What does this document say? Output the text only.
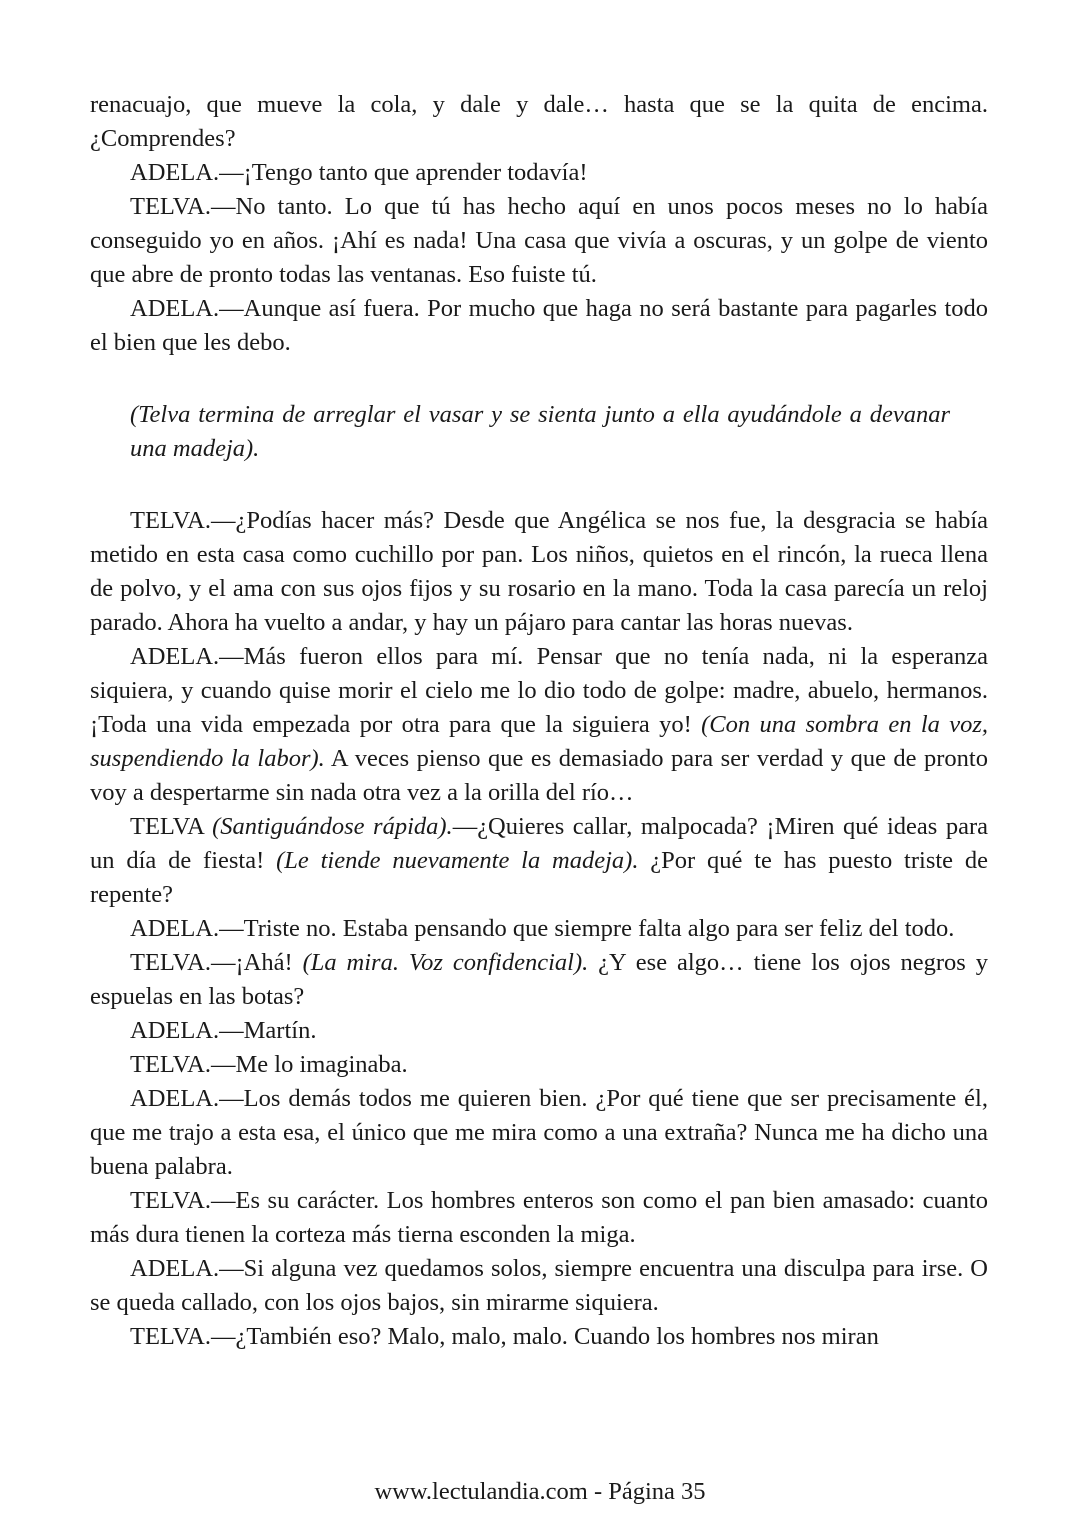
renacuajo, que mueve la cola, y dale y dale… hasta que se la quita de encima. ¿Comprendes?

ADELA.—¡Tengo tanto que aprender todavía!

TELVA.—No tanto. Lo que tú has hecho aquí en unos pocos meses no lo había conseguido yo en años. ¡Ahí es nada! Una casa que vivía a oscuras, y un golpe de viento que abre de pronto todas las ventanas. Eso fuiste tú.

ADELA.—Aunque así fuera. Por mucho que haga no será bastante para pagarles todo el bien que les debo.

(Telva termina de arreglar el vasar y se sienta junto a ella ayudándole a devanar una madeja).

TELVA.—¿Podías hacer más? Desde que Angélica se nos fue, la desgracia se había metido en esta casa como cuchillo por pan. Los niños, quietos en el rincón, la rueca llena de polvo, y el ama con sus ojos fijos y su rosario en la mano. Toda la casa parecía un reloj parado. Ahora ha vuelto a andar, y hay un pájaro para cantar las horas nuevas.

ADELA.—Más fueron ellos para mí. Pensar que no tenía nada, ni la esperanza siquiera, y cuando quise morir el cielo me lo dio todo de golpe: madre, abuelo, hermanos. ¡Toda una vida empezada por otra para que la siguiera yo! (Con una sombra en la voz, suspendiendo la labor). A veces pienso que es demasiado para ser verdad y que de pronto voy a despertarme sin nada otra vez a la orilla del río…

TELVA (Santiguándose rápida).—¿Quieres callar, malpocada? ¡Miren qué ideas para un día de fiesta! (Le tiende nuevamente la madeja). ¿Por qué te has puesto triste de repente?

ADELA.—Triste no. Estaba pensando que siempre falta algo para ser feliz del todo.

TELVA.—¡Ahá! (La mira. Voz confidencial). ¿Y ese algo… tiene los ojos negros y espuelas en las botas?

ADELA.—Martín.

TELVA.—Me lo imaginaba.

ADELA.—Los demás todos me quieren bien. ¿Por qué tiene que ser precisamente él, que me trajo a esta esa, el único que me mira como a una extraña? Nunca me ha dicho una buena palabra.

TELVA.—Es su carácter. Los hombres enteros son como el pan bien amasado: cuanto más dura tienen la corteza más tierna esconden la miga.

ADELA.—Si alguna vez quedamos solos, siempre encuentra una disculpa para irse. O se queda callado, con los ojos bajos, sin mirarme siquiera.

TELVA.—¿También eso? Malo, malo, malo. Cuando los hombres nos miran

www.lectulandia.com - Página 35
